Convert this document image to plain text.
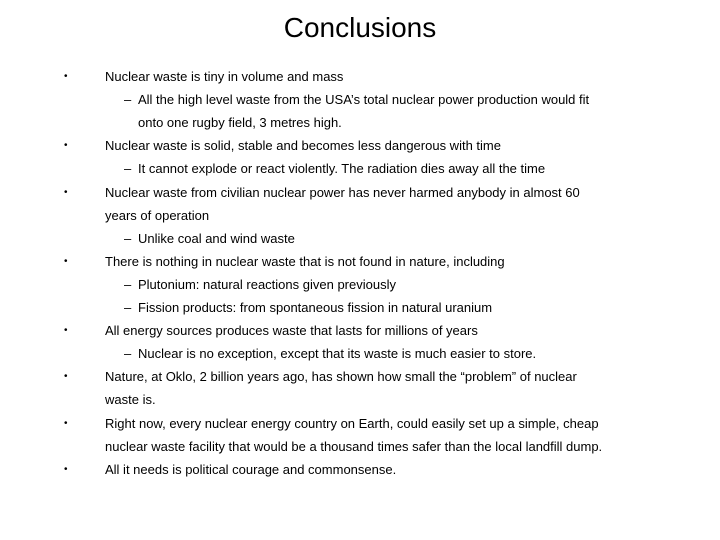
Conclusions
•	Nuclear waste is tiny in volume and mass
– All the high level waste from the USA’s total nuclear power production would fit
onto one rugby field, 3 metres high.
•	Nuclear waste is solid, stable and becomes less dangerous with time
– It cannot explode or react violently. The radiation dies away all the time
•	Nuclear waste from civilian nuclear power has never harmed anybody in almost 60
years of operation
– Unlike coal and wind waste
•	There is nothing in nuclear waste that is not found in nature, including
– Plutonium: natural reactions given previously
– Fission products: from spontaneous fission in natural uranium
•	All energy sources produces waste that lasts for millions of years
– Nuclear is no exception, except that its waste is much easier to store.
•	Nature, at Oklo, 2 billion years ago, has shown how small the “problem” of nuclear
waste is.
•	Right now, every nuclear energy country on Earth, could easily set up a simple, cheap
nuclear waste facility that would be a thousand times safer than the local landfill dump.
•	All it needs is political courage and commonsense.
